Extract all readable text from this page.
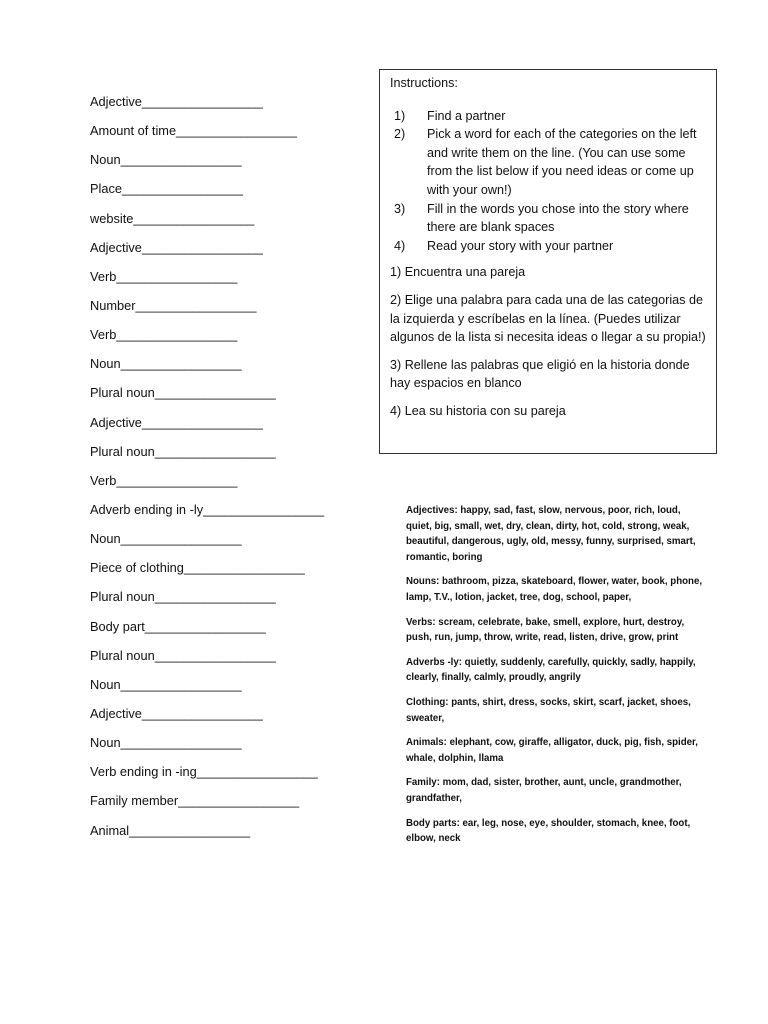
Adjective_________________
Amount of time_________________
Noun_________________
Place_________________
website_________________
Adjective_________________
Verb_________________
Number_________________
Verb_________________
Noun_________________
Plural noun_________________
Adjective_________________
Plural noun_________________
Verb_________________
Adverb ending in -ly_________________
Noun_________________
Piece of clothing_________________
Plural noun_________________
Body part_________________
Plural noun_________________
Noun_________________
Adjective_________________
Noun_________________
Verb ending in -ing_________________
Family member_________________
Animal_________________
Instructions:
1)	Find a partner
2)	Pick a word for each of the categories on the left and write them on the line. (You can use some from the list below if you need ideas or come up with your own!)
3)	Fill in the words you chose into the story where there are blank spaces
4)	Read your story with your partner

1) Encuentra una pareja

2) Elige una palabra para cada una de las categorias de la izquierda y escríbelas en la línea. (Puedes utilizar algunos de la lista si necesita ideas o llegar a su propia!)

3) Rellene las palabras que eligió en la historia donde hay espacios en blanco

4) Lea su historia con su pareja

Adjectives: happy, sad, fast, slow, nervous, poor, rich, loud, quiet, big, small, wet, dry, clean, dirty, hot, cold, strong, weak, beautiful, dangerous, ugly, old, messy, funny, surprised, smart, romantic, boring

Nouns: bathroom, pizza, skateboard, flower, water, book, phone, lamp, T.V., lotion, jacket, tree, dog, school, paper,

Verbs: scream, celebrate, bake, smell, explore, hurt, destroy, push, run, jump, throw, write, read, listen, drive, grow, print

Adverbs -ly: quietly, suddenly, carefully, quickly, sadly, happily, clearly, finally, calmly, proudly, angrily

Clothing: pants, shirt, dress, socks, skirt, scarf, jacket, shoes, sweater,

Animals: elephant, cow, giraffe, alligator, duck, pig, fish, spider, whale, dolphin, llama

Family: mom, dad, sister, brother, aunt, uncle, grandmother, grandfather,

Body parts: ear, leg, nose, eye, shoulder, stomach, knee, foot, elbow, neck
